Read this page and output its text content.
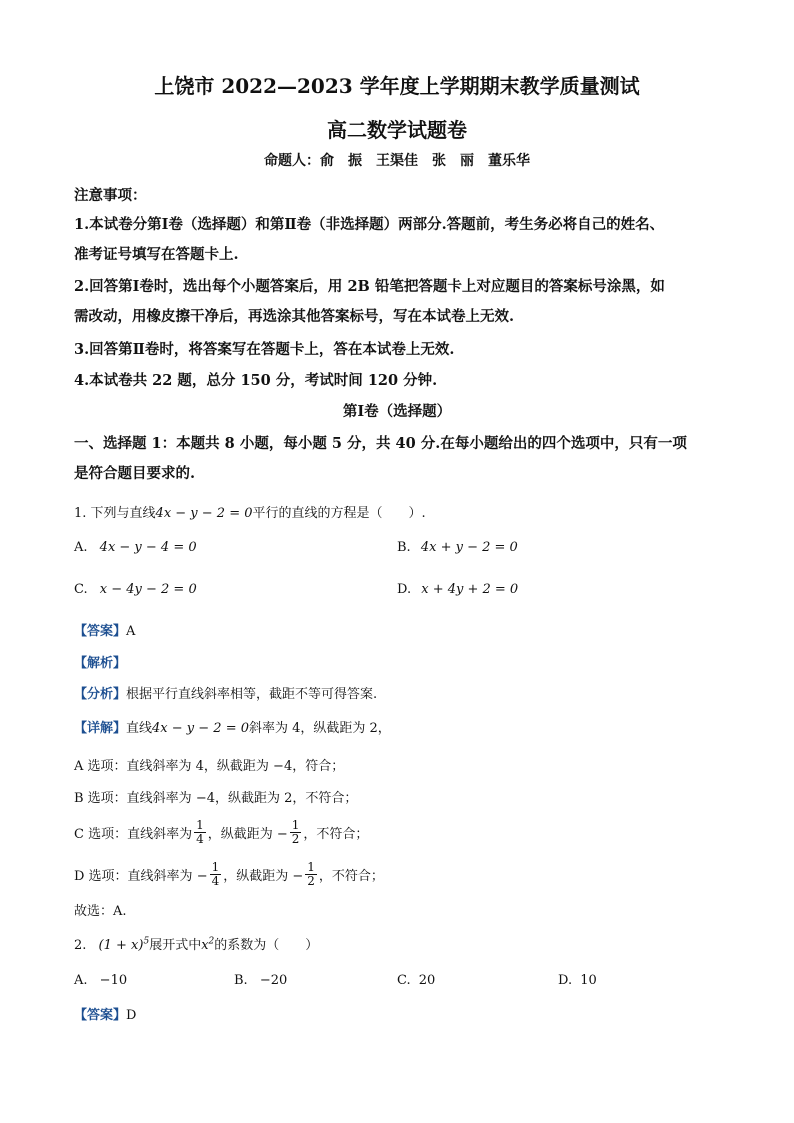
上饶市 2022—2023 学年度上学期期末教学质量测试
高二数学试题卷
命题人：俞　振　王渠佳　张　丽　董乐华
注意事项：
1.本试卷分第Ⅰ卷（选择题）和第Ⅱ卷（非选择题）两部分.答题前，考生务必将自己的姓名、
准考证号填写在答题卡上.
2.回答第Ⅰ卷时，选出每个小题答案后，用 2B 铅笔把答题卡上对应题目的答案标号涂黑，如
需改动，用橡皮擦干净后，再选涂其他答案标号，写在本试卷上无效.
3.回答第Ⅱ卷时，将答案写在答题卡上，答在本试卷上无效.
4.本试卷共 22 题，总分 150 分，考试时间 120 分钟.
第Ⅰ卷（选择题）
一、选择题 1：本题共 8 小题，每小题 5 分，共 40 分.在每小题给出的四个选项中，只有一项
是符合题目要求的.
1. 下列与直线4x − y − 2 = 0平行的直线的方程是（　　）.
A. 4x − y − 4 = 0	B. 4x + y − 2 = 0
C. x − 4y − 2 = 0	D. x + 4y + 2 = 0
【答案】A
【解析】
【分析】根据平行直线斜率相等，截距不等可得答案.
【详解】直线4x − y − 2 = 0斜率为 4，纵截距为 2，
A 选项：直线斜率为 4，纵截距为 −4，符合；
B 选项：直线斜率为 −4，纵截距为 2，不符合；
C 选项：直线斜率为 $\frac{1}{4}$ ，纵截距为 − $\frac{1}{2}$ ，不符合；
D 选项：直线斜率为 − $\frac{1}{4}$ ，纵截距为 − $\frac{1}{2}$ ，不符合；
故选：A.
2. $(1 + x)^5$展开式中$x^2$的系数为（　　）
A. −10	B. −20	C. 20	D. 10
【答案】D
